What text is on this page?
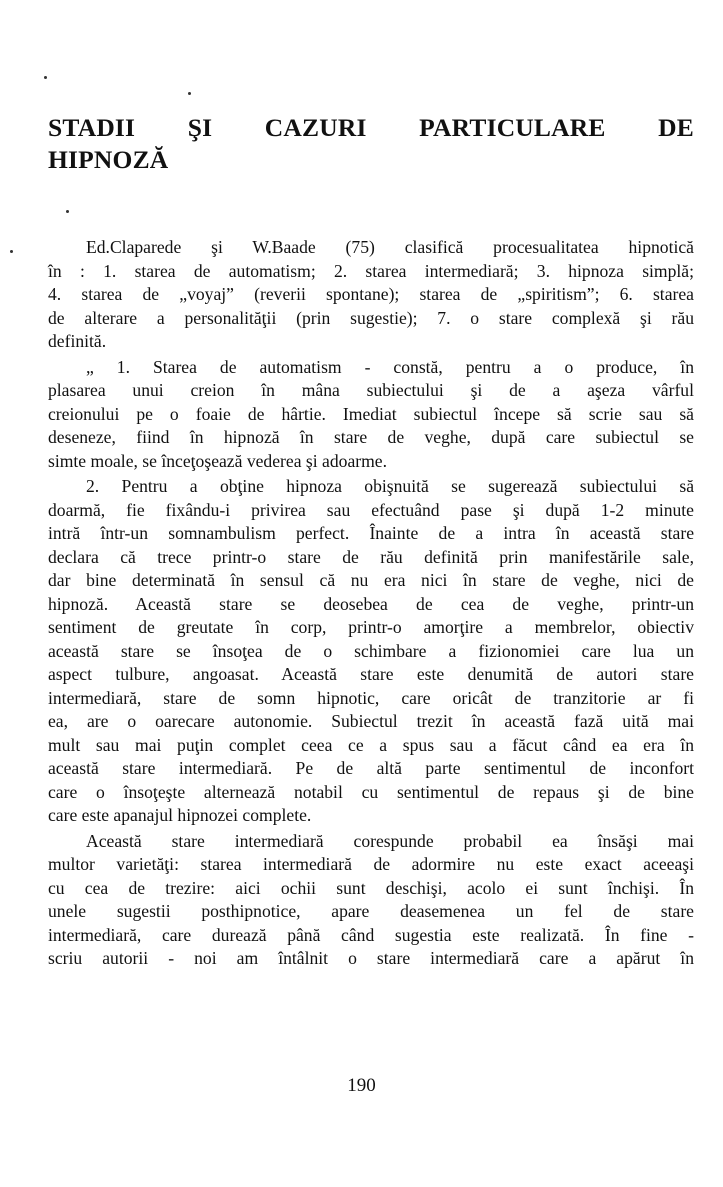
STADII ŞI CAZURI PARTICULARE DE
HIPNOZĂ

Ed.Claparede şi W.Baade (75) clasifică procesualitatea hipnotică
în : 1. starea de automatism; 2. starea intermediară; 3. hipnoza simplă;
4. starea de „voyaj” (reverii spontane); starea de „spiritism”; 6. starea
de alterare a personalităţii (prin sugestie); 7. o stare complexă şi rău
definită.

„ 1. Starea de automatism - constă, pentru a o produce, în
plasarea unui creion în mâna subiectului şi de a aşeza vârful
creionului pe o foaie de hârtie. Imediat subiectul începe să scrie sau să
deseneze, fiind în hipnoză în stare de veghe, după care subiectul se
simte moale, se înceţoşează vederea şi adoarme.

2. Pentru a obţine hipnoza obişnuită se sugerează subiectului să
doarmă, fie fixându-i privirea sau efectuând pase şi după 1-2 minute
intră într-un somnambulism perfect. Înainte de a intra în această stare
declara că trece printr-o stare de rău definită prin manifestările sale,
dar bine determinată în sensul că nu era nici în stare de veghe, nici de
hipnoză. Această stare se deosebea de cea de veghe, printr-un
sentiment de greutate în corp, printr-o amorţire a membrelor, obiectiv
această stare se însoţea de o schimbare a fizionomiei care lua un
aspect tulbure, angoasat. Această stare este denumită de autori stare
intermediară, stare de somn hipnotic, care oricât de tranzitorie ar fi
ea, are o oarecare autonomie. Subiectul trezit în această fază uită mai
mult sau mai puţin complet ceea ce a spus sau a făcut când ea era în
această stare intermediară. Pe de altă parte sentimentul de inconfort
care o însoţeşte alternează notabil cu sentimentul de repaus şi de bine
care este apanajul hipnozei complete.

Această stare intermediară corespunde probabil ea însăşi mai
multor varietăţi: starea intermediară de adormire nu este exact aceeaşi
cu cea de trezire: aici ochii sunt deschişi, acolo ei sunt închişi. În
unele sugestii posthipnotice, apare deasemenea un fel de stare
intermediară, care durează până când sugestia este realizată. În fine -
scriu autorii - noi am întâlnit o stare intermediară care a apărut în

190
